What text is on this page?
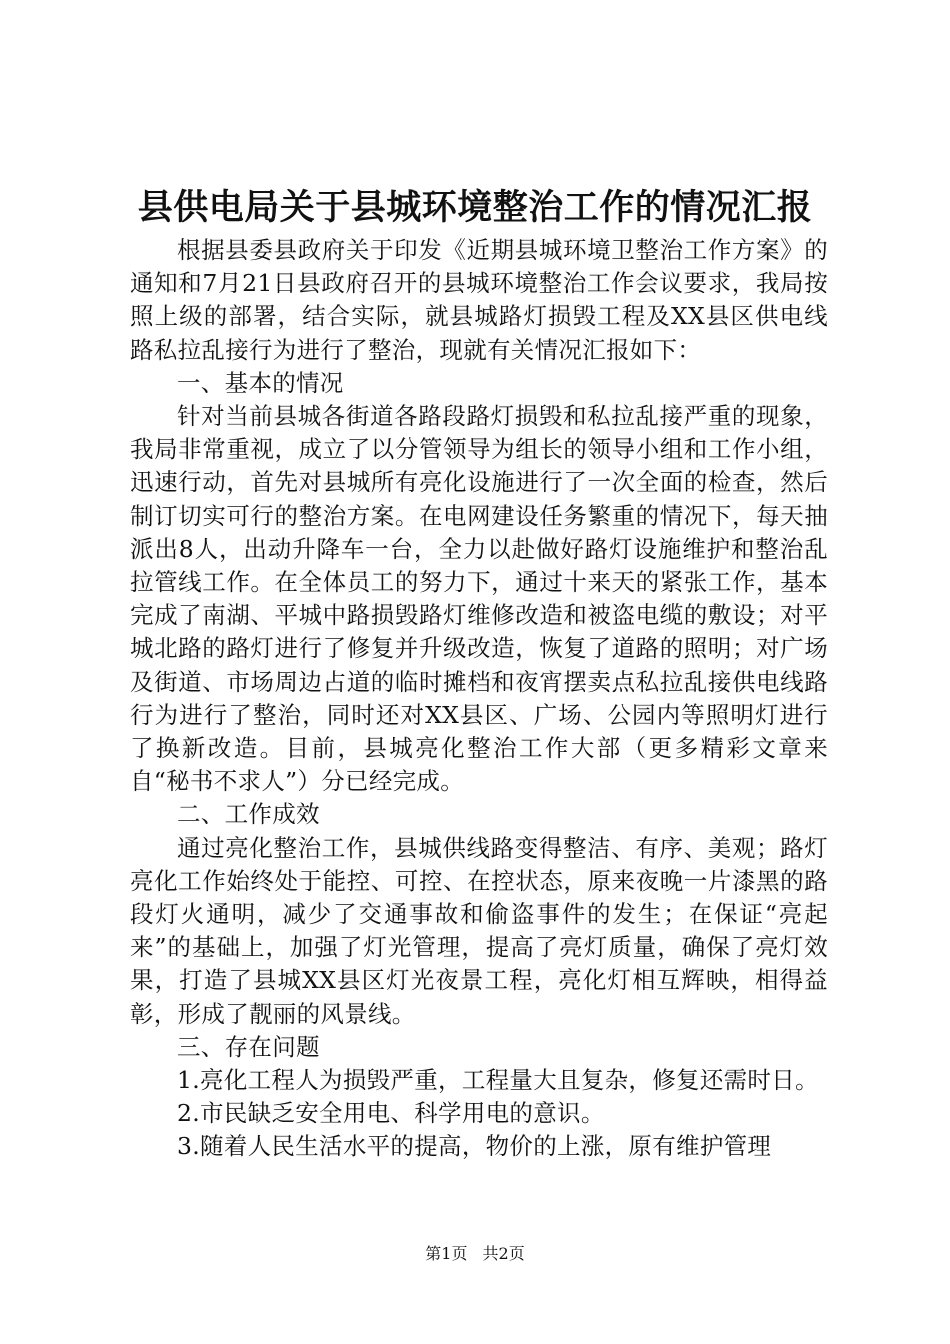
县供电局关于县城环境整治工作的情况汇报

根据县委县政府关于印发《近期县城环境卫整治工作方案》的通知和7月21日县政府召开的县城环境整治工作会议要求，我局按照上级的部署，结合实际，就县城路灯损毁工程及XX县区供电线路私拉乱接行为进行了整治，现就有关情况汇报如下：

一、基本的情况

针对当前县城各街道各路段路灯损毁和私拉乱接严重的现象，我局非常重视，成立了以分管领导为组长的领导小组和工作小组，迅速行动，首先对县城所有亮化设施进行了一次全面的检查，然后制订切实可行的整治方案。在电网建设任务繁重的情况下，每天抽派出8人，出动升降车一台，全力以赴做好路灯设施维护和整治乱拉管线工作。在全体员工的努力下，通过十来天的紧张工作，基本完成了南湖、平城中路损毁路灯维修改造和被盗电缆的敷设；对平城北路的路灯进行了修复并升级改造，恢复了道路的照明；对广场及街道、市场周边占道的临时摊档和夜宵摆卖点私拉乱接供电线路行为进行了整治，同时还对XX县区、广场、公园内等照明灯进行了换新改造。目前，县城亮化整治工作大部（更多精彩文章来自“秘书不求人”）分已经完成。

二、工作成效

通过亮化整治工作，县城供线路变得整洁、有序、美观；路灯亮化工作始终处于能控、可控、在控状态，原来夜晚一片漆黑的路段灯火通明，减少了交通事故和偷盗事件的发生；在保证“亮起来”的基础上，加强了灯光管理，提高了亮灯质量，确保了亮灯效果，打造了县城XX县区灯光夜景工程，亮化灯相互辉映，相得益彰，形成了靓丽的风景线。

三、存在问题

1.亮化工程人为损毁严重，工程量大且复杂，修复还需时日。

2.市民缺乏安全用电、科学用电的意识。

3.随着人民生活水平的提高，物价的上涨，原有维护管理

第1页 共2页
